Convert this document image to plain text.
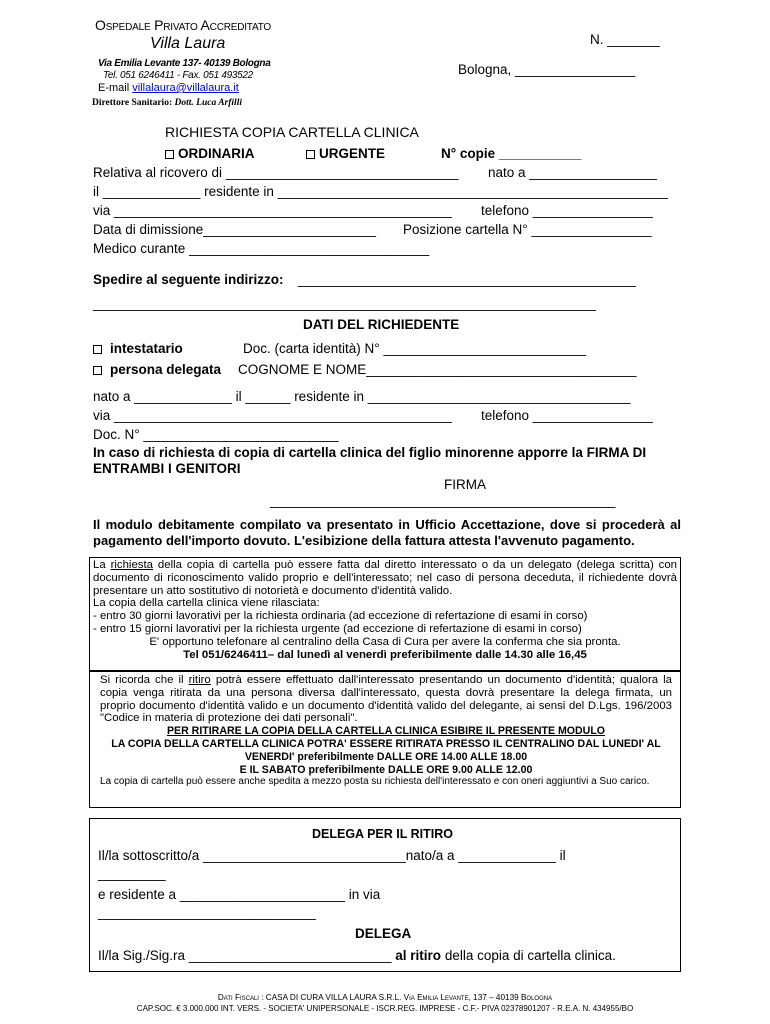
Ospedale Privato Accreditato
Villa Laura
Via Emilia Levante 137- 40139 Bologna
Tel. 051 6246411 - Fax. 051 493522
E-mail villalaura@villalaura.it
Direttore Sanitario: Dott. Luca Arfilli
N. _______
Bologna, ________________
RICHIESTA COPIA CARTELLA CLINICA
ORDINARIA	URGENTE	N° copie ___________
Relativa al ricovero di _______________________________ nato a _________________
il _____________ residente in ____________________________________________________
via _____________________________________________ telefono ________________
Data di dimissione_______________________ Posizione cartella N° ________________
Medico curante ________________________________
Spedire al seguente indirizzo: _____________________________________________
___________________________________________________________________
DATI DEL RICHIEDENTE
intestatario	Doc. (carta identità) N° ___________________________
persona delegata COGNOME E NOME____________________________________
nato a _____________ il ______ residente in ___________________________________
via _____________________________________________ telefono ________________
Doc. N° __________________________
In caso di richiesta di copia di cartella clinica del figlio minorenne apporre la FIRMA DI ENTRAMBI I GENITORI
FIRMA
______________________________________________
Il modulo debitamente compilato va presentato in Ufficio Accettazione, dove si procederà al pagamento dell'importo dovuto. L'esibizione della fattura attesta l'avvenuto pagamento.
La richiesta della copia di cartella può essere fatta dal diretto interessato o da un delegato (delega scritta) con documento di riconoscimento valido proprio e dell'interessato; nel caso di persona deceduta, il richiedente dovrà presentare un atto sostitutivo di notorietà e documento d'identità valido.
La copia della cartella clinica viene rilasciata:
- entro 30 giorni lavorativi per la richiesta ordinaria (ad eccezione di refertazione di esami in corso)
- entro 15 giorni lavorativi per la richiesta urgente (ad eccezione di refertazione di esami in corso)
E' opportuno telefonare al centralino della Casa di Cura per avere la conferma che sia pronta.
Tel 051/6246411– dal lunedì al venerdì preferibilmente dalle 14.30 alle 16,45
Si ricorda che il ritiro potrà essere effettuato dall'interessato presentando un documento d'identità; qualora la copia venga ritirata da una persona diversa dall'interessato, questa dovrà presentare la delega firmata, un proprio documento d'identità valido e un documento d'identità valido del delegante, ai sensi del D.Lgs. 196/2003 "Codice in materia di protezione dei dati personali".
PER RITIRARE LA COPIA DELLA CARTELLA CLINICA ESIBIRE IL PRESENTE MODULO
LA COPIA DELLA CARTELLA CLINICA POTRA' ESSERE RITIRATA PRESSO IL CENTRALINO DAL LUNEDI' AL VENERDI' preferibilmente DALLE ORE 14.00 ALLE 18.00
E IL SABATO preferibilmente DALLE ORE 9.00 ALLE 12.00
La copia di cartella può essere anche spedita a mezzo posta su richiesta dell'interessato e con oneri aggiuntivi a Suo carico.
DELEGA PER IL RITIRO
Il/la sottoscritto/a ___________________________nato/a a _____________ il
_________
e residente a ______________________ in via
_____________________________
DELEGA
Il/la Sig./Sig.ra ___________________________ al ritiro della copia di cartella clinica.
Dati Fiscali : CASA DI CURA VILLA LAURA S.R.L. Via Emilia Levante, 137 – 40139 Bologna
CAP.SOC. € 3.000.000 INT. VERS. - SOCIETA' UNIPERSONALE - ISCR.REG. IMPRESE - C.F.- PIVA 02378901207 - R.E.A. N. 434955/BO
